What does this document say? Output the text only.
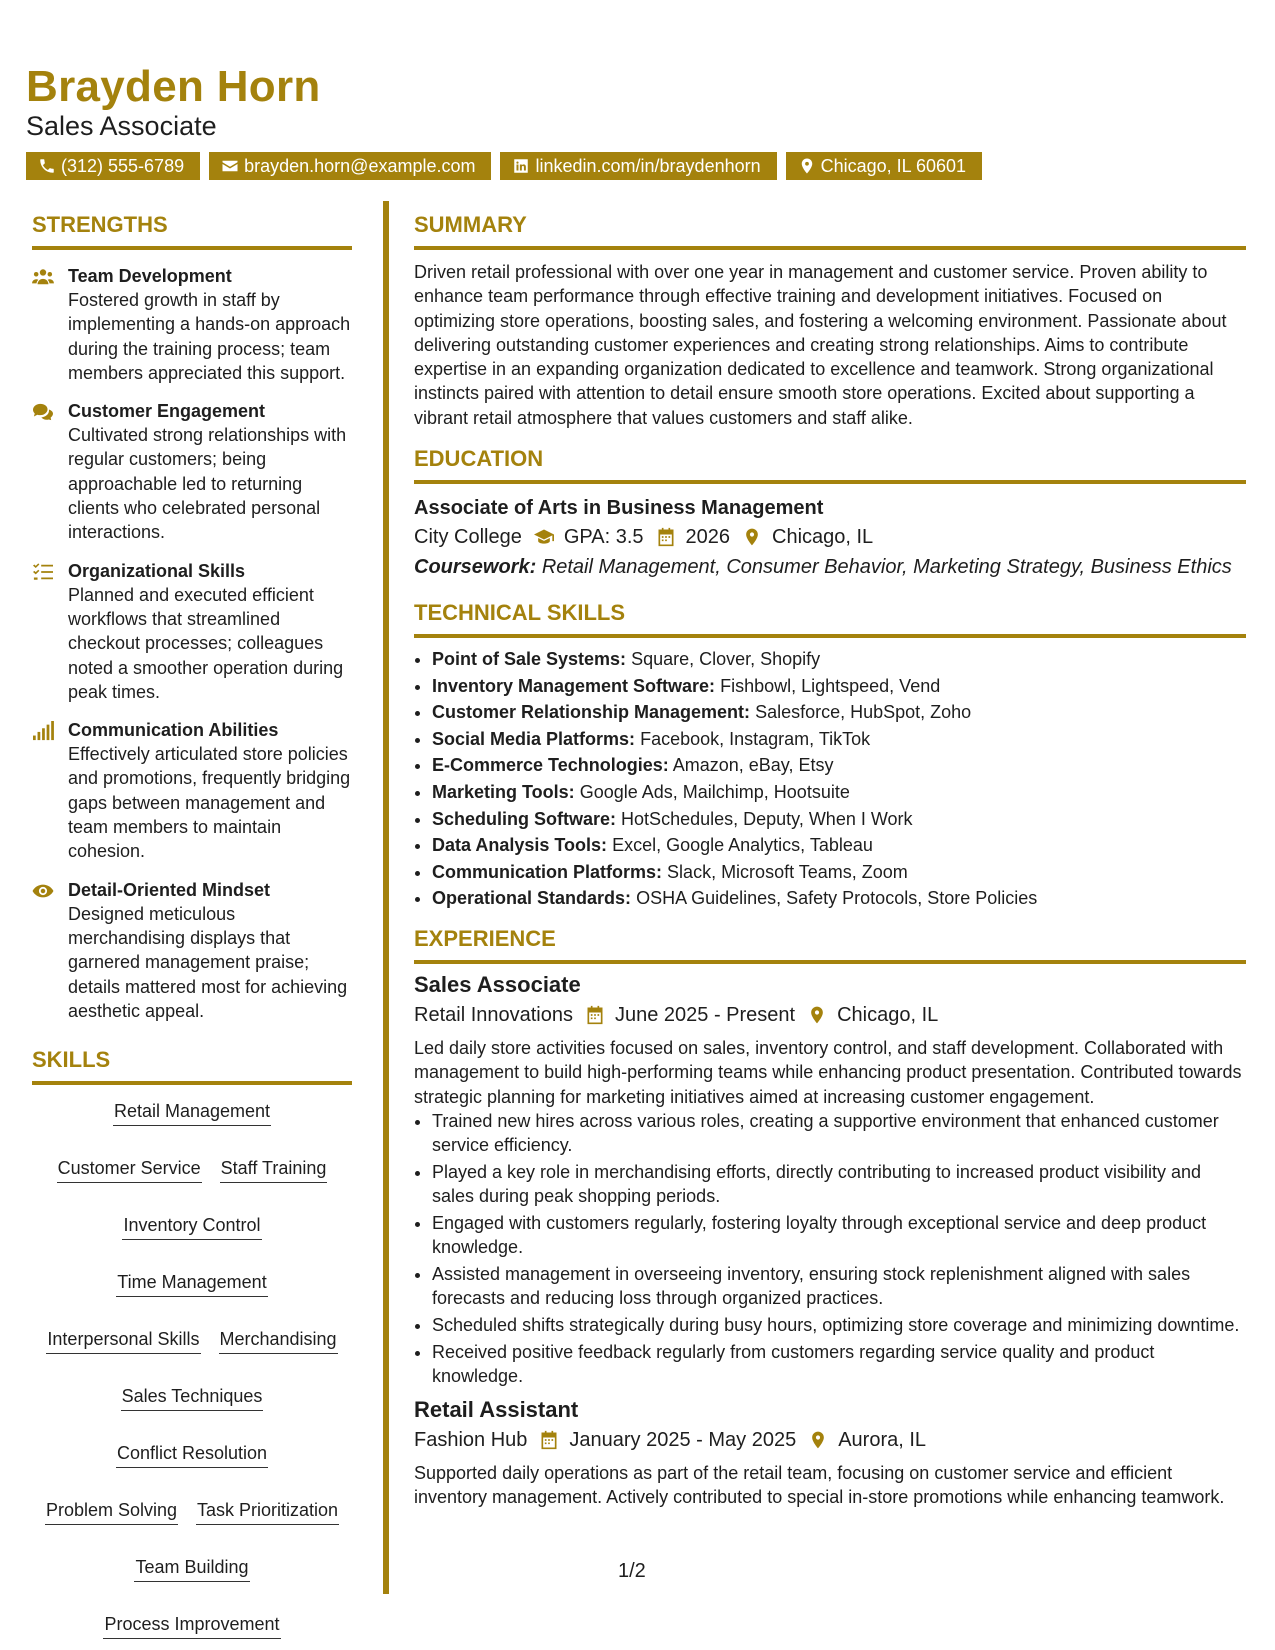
Brayden Horn
Sales Associate
(312) 555-6789	brayden.horn@example.com	linkedin.com/in/braydenhorn	Chicago, IL 60601
STRENGTHS
Team Development
Fostered growth in staff by implementing a hands-on approach during the training process; team members appreciated this support.
Customer Engagement
Cultivated strong relationships with regular customers; being approachable led to returning clients who celebrated personal interactions.
Organizational Skills
Planned and executed efficient workflows that streamlined checkout processes; colleagues noted a smoother operation during peak times.
Communication Abilities
Effectively articulated store policies and promotions, frequently bridging gaps between management and team members to maintain cohesion.
Detail-Oriented Mindset
Designed meticulous merchandising displays that garnered management praise; details mattered most for achieving aesthetic appeal.
SKILLS
Retail Management
Customer Service Staff Training
Inventory Control
Time Management
Interpersonal Skills Merchandising
Sales Techniques
Conflict Resolution
Problem Solving Task Prioritization
Team Building
Process Improvement
SUMMARY
Driven retail professional with over one year in management and customer service. Proven ability to enhance team performance through effective training and development initiatives. Focused on optimizing store operations, boosting sales, and fostering a welcoming environment. Passionate about delivering outstanding customer experiences and creating strong relationships. Aims to contribute expertise in an expanding organization dedicated to excellence and teamwork. Strong organizational instincts paired with attention to detail ensure smooth store operations. Excited about supporting a vibrant retail atmosphere that values customers and staff alike.
EDUCATION
Associate of Arts in Business Management
City College GPA: 3.5 2026 Chicago, IL
Coursework: Retail Management, Consumer Behavior, Marketing Strategy, Business Ethics
TECHNICAL SKILLS
• Point of Sale Systems: Square, Clover, Shopify
• Inventory Management Software: Fishbowl, Lightspeed, Vend
• Customer Relationship Management: Salesforce, HubSpot, Zoho
• Social Media Platforms: Facebook, Instagram, TikTok
• E-Commerce Technologies: Amazon, eBay, Etsy
• Marketing Tools: Google Ads, Mailchimp, Hootsuite
• Scheduling Software: HotSchedules, Deputy, When I Work
• Data Analysis Tools: Excel, Google Analytics, Tableau
• Communication Platforms: Slack, Microsoft Teams, Zoom
• Operational Standards: OSHA Guidelines, Safety Protocols, Store Policies
EXPERIENCE
Sales Associate
Retail Innovations June 2025 - Present Chicago, IL
Led daily store activities focused on sales, inventory control, and staff development. Collaborated with management to build high-performing teams while enhancing product presentation. Contributed towards strategic planning for marketing initiatives aimed at increasing customer engagement.
• Trained new hires across various roles, creating a supportive environment that enhanced customer service efficiency.
• Played a key role in merchandising efforts, directly contributing to increased product visibility and sales during peak shopping periods.
• Engaged with customers regularly, fostering loyalty through exceptional service and deep product knowledge.
• Assisted management in overseeing inventory, ensuring stock replenishment aligned with sales forecasts and reducing loss through organized practices.
• Scheduled shifts strategically during busy hours, optimizing store coverage and minimizing downtime.
• Received positive feedback regularly from customers regarding service quality and product knowledge.
Retail Assistant
Fashion Hub January 2025 - May 2025 Aurora, IL
Supported daily operations as part of the retail team, focusing on customer service and efficient inventory management. Actively contributed to special in-store promotions while enhancing teamwork.
1/2
